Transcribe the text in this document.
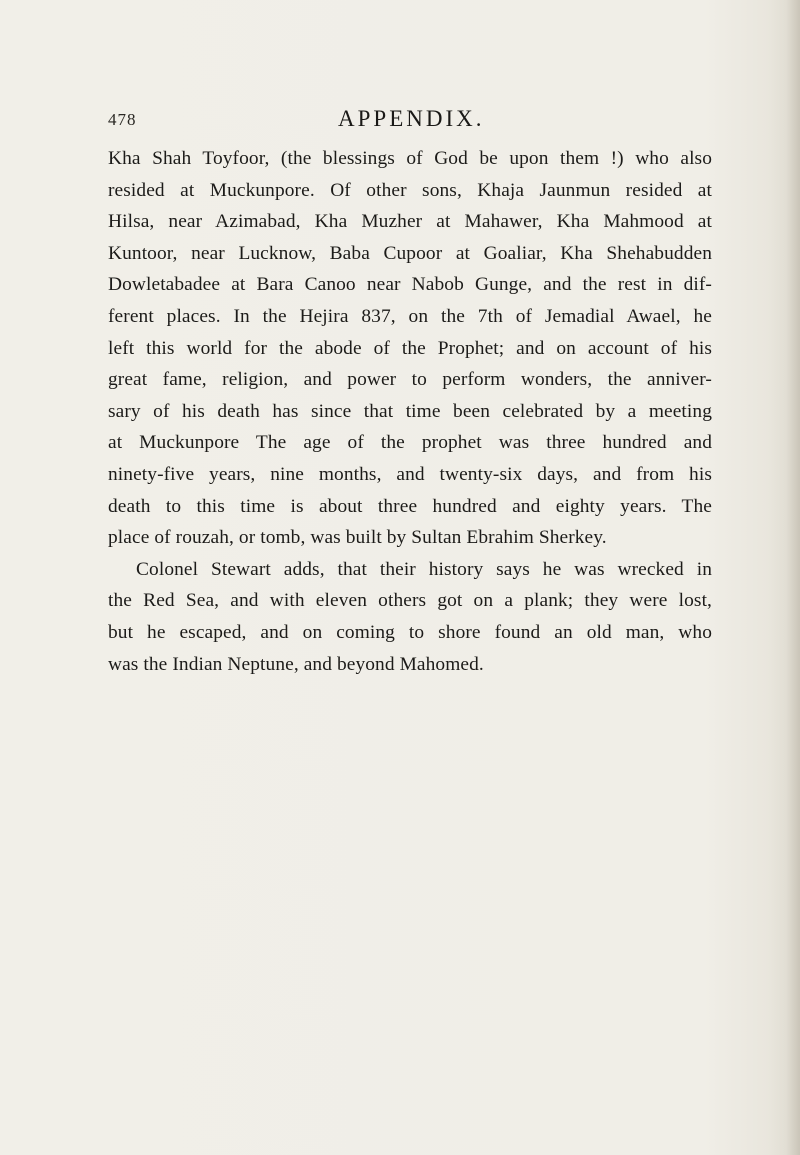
478	APPENDIX.
Kha Shah Toyfoor, (the blessings of God be upon them !) who also
resided at Muckunpore. Of other sons, Khaja Jaunmun resided at
Hilsa, near Azimabad, Kha Muzher at Mahawer, Kha Mahmood at
Kuntoor, near Lucknow, Baba Cupoor at Goaliar, Kha Shehabudden
Dowletabadee at Bara Canoo near Nabob Gunge, and the rest in dif-
ferent places. In the Hejira 837, on the 7th of Jemadial Awael, he
left this world for the abode of the Prophet; and on account of his
great fame, religion, and power to perform wonders, the anniver-
sary of his death has since that time been celebrated by a meeting
at Muckunpore The age of the prophet was three hundred and
ninety-five years, nine months, and twenty-six days, and from his
death to this time is about three hundred and eighty years. The
place of rouzah, or tomb, was built by Sultan Ebrahim Sherkey.
Colonel Stewart adds, that their history says he was wrecked in
the Red Sea, and with eleven others got on a plank; they were lost,
but he escaped, and on coming to shore found an old man, who
was the Indian Neptune, and beyond Mahomed.
